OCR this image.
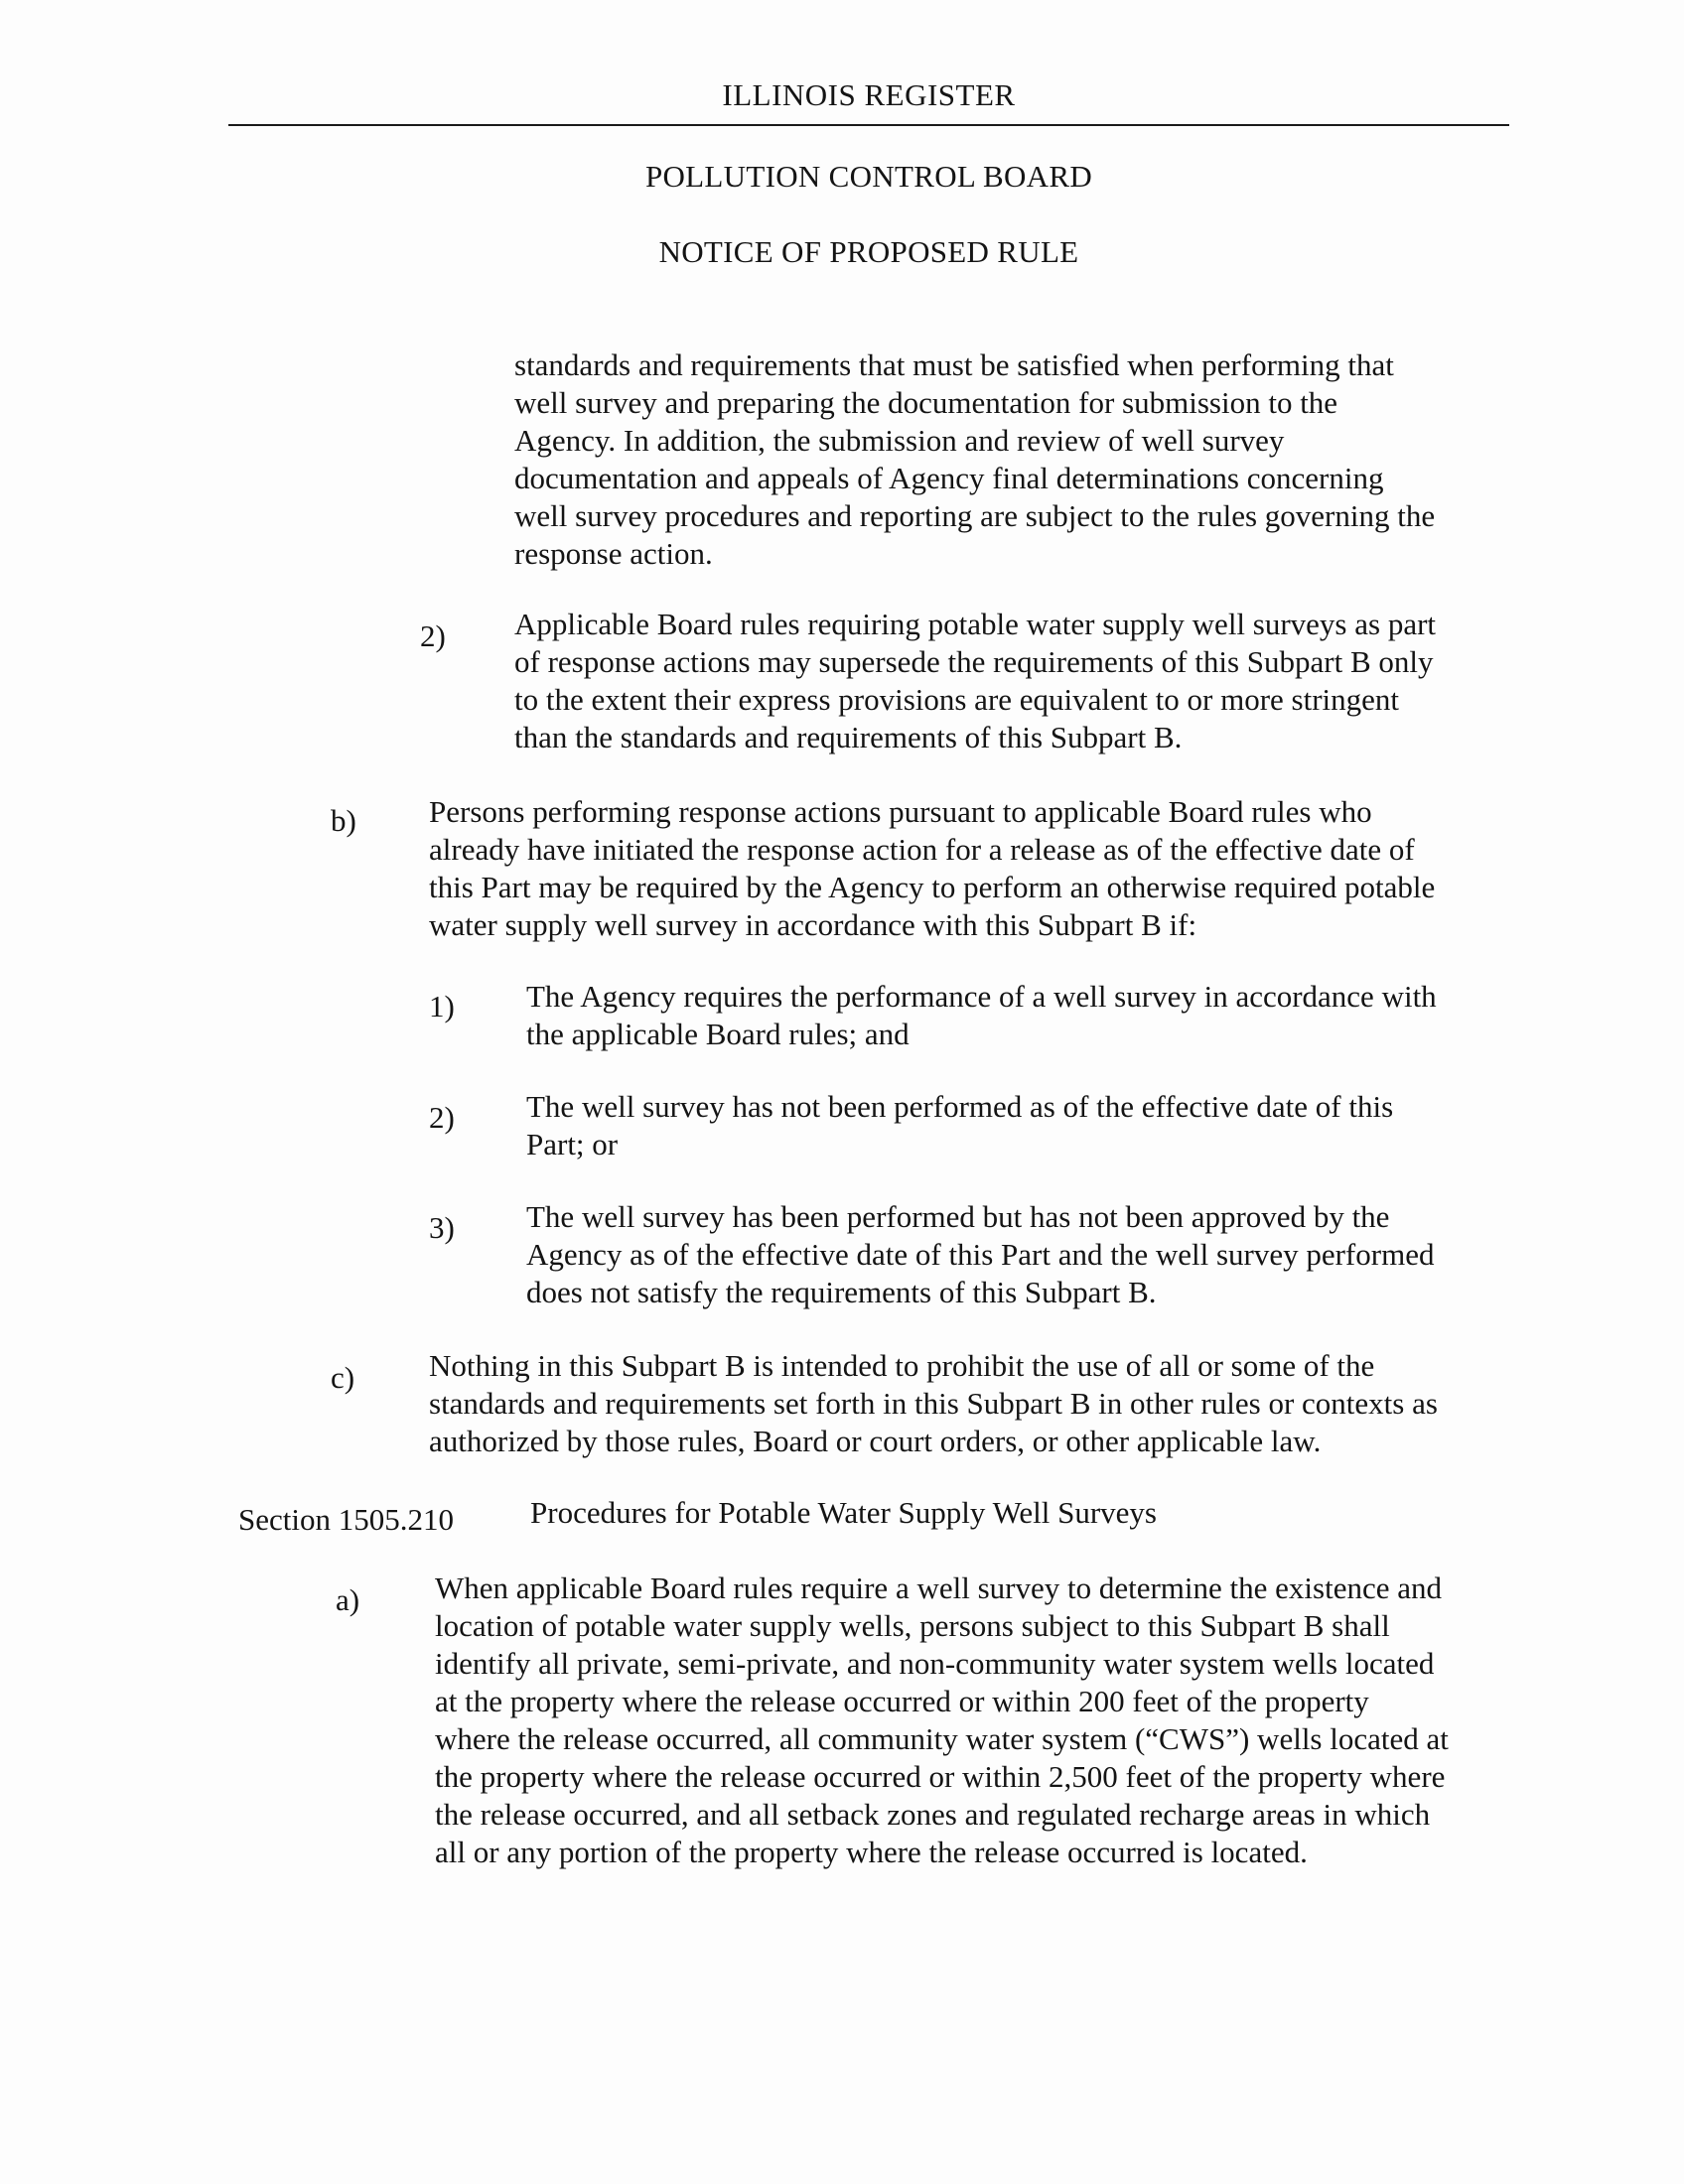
ILLINOIS REGISTER
POLLUTION CONTROL BOARD
NOTICE OF PROPOSED RULE
standards and requirements that must be satisfied when performing that
well survey and preparing the documentation for submission to the
Agency. In addition, the submission and review of well survey
documentation and appeals of Agency final determinations concerning
well survey procedures and reporting are subject to the rules governing the
response action.
2) Applicable Board rules requiring potable water supply well surveys as part
of response actions may supersede the requirements of this Subpart B only
to the extent their express provisions are equivalent to or more stringent
than the standards and requirements of this Subpart B.
b) Persons performing response actions pursuant to applicable Board rules who
already have initiated the response action for a release as of the effective date of
this Part may be required by the Agency to perform an otherwise required potable
water supply well survey in accordance with this Subpart B if:
1) The Agency requires the performance of a well survey in accordance with
the applicable Board rules; and
2) The well survey has not been performed as of the effective date of this
Part; or
3) The well survey has been performed but has not been approved by the
Agency as of the effective date of this Part and the well survey performed
does not satisfy the requirements of this Subpart B.
c) Nothing in this Subpart B is intended to prohibit the use of all or some of the
standards and requirements set forth in this Subpart B in other rules or contexts as
authorized by those rules, Board or court orders, or other applicable law.
Section 1505.210 Procedures for Potable Water Supply Well Surveys
a) When applicable Board rules require a well survey to determine the existence and
location of potable water supply wells, persons subject to this Subpart B shall
identify all private, semi-private, and non-community water system wells located
at the property where the release occurred or within 200 feet of the property
where the release occurred, all community water system (“CWS”) wells located at
the property where the release occurred or within 2,500 feet of the property where
the release occurred, and all setback zones and regulated recharge areas in which
all or any portion of the property where the release occurred is located.
